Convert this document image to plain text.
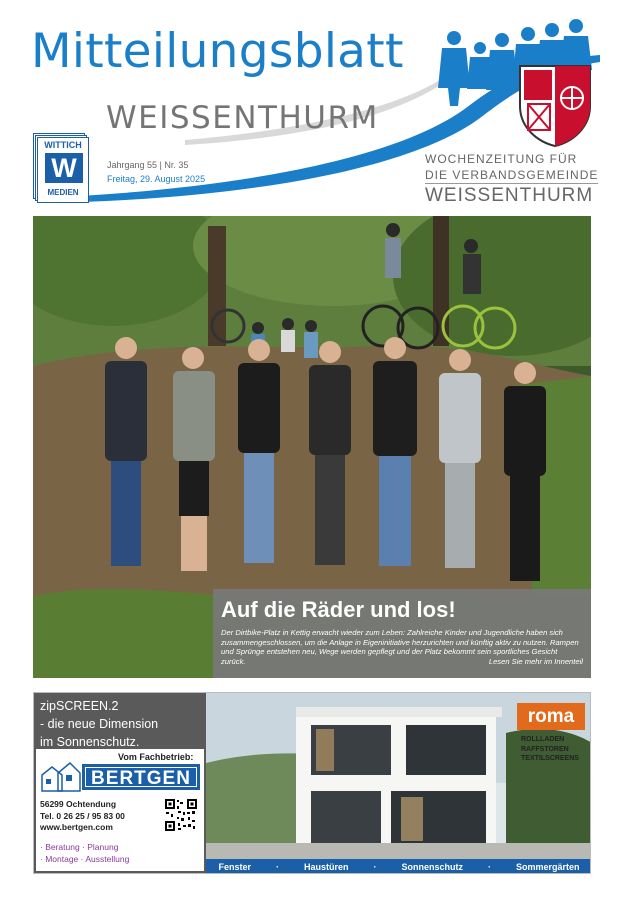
Mitteilungsblatt
WEISSENTHURM
WITTICH
W
MEDIEN
Jahrgang 55 | Nr. 35
Freitag, 29. August 2025
WOCHENZEITUNG FÜR
DIE VERBANDSGEMEINDE
WEISSENTHURM
Auf die Räder und los!

Der Dirtbike-Platz in Kettig erwacht wieder zum Leben: Zahlreiche Kinder und Jugendliche haben sich zusammengeschlossen, um die Anlage in Eigeninitiative herzurichten und künftig aktiv zu nutzen. Rampen und Sprünge entstehen neu, Wege werden gepflegt und der Platz bekommt sein sportliches Gesicht zurück.	Lesen Sie mehr im Innenteil

zipSCREEN.2
- die neue Dimension
im Sonnenschutz.
Vom Fachbetrieb:
BERTGEN
56299 Ochtendung
Tel. 0 26 25 / 95 83 00
www.bertgen.com
· Beratung · Planung
· Montage · Ausstellung
roma
ROLLLADEN
RAFFSTOREN
TEXTILSCREENS
Fenster	·	Haustüren	·	Sonnenschutz	·	Sommergärten
